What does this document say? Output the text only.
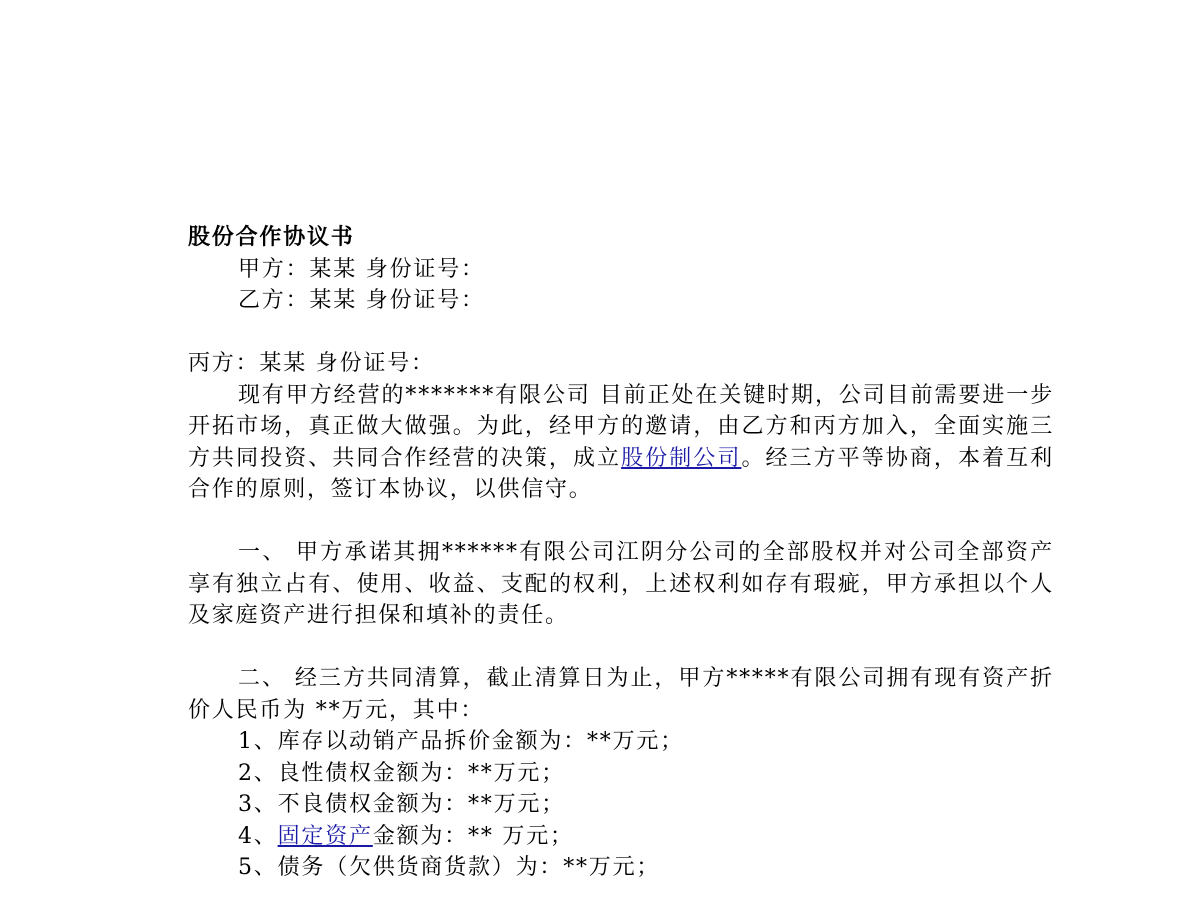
股份合作协议书

甲方：某某 身份证号：

乙方：某某 身份证号：

丙方：某某 身份证号：

现有甲方经营的*******有限公司 目前正处在关键时期，公司目前需要进一步开拓市场，真正做大做强。为此，经甲方的邀请，由乙方和丙方加入，全面实施三方共同投资、共同合作经营的决策，成立股份制公司。经三方平等协商，本着互利合作的原则，签订本协议，以供信守。

一、 甲方承诺其拥******有限公司江阴分公司的全部股权并对公司全部资产享有独立占有、使用、收益、支配的权利，上述权利如存有瑕疵，甲方承担以个人及家庭资产进行担保和填补的责任。

二、 经三方共同清算，截止清算日为止，甲方*****有限公司拥有现有资产折价人民币为 **万元，其中：

1、库存以动销产品拆价金额为：**万元；

2、良性债权金额为：**万元；

3、不良债权金额为：**万元；

4、固定资产金额为：** 万元；

5、债务（欠供货商货款）为：**万元；
